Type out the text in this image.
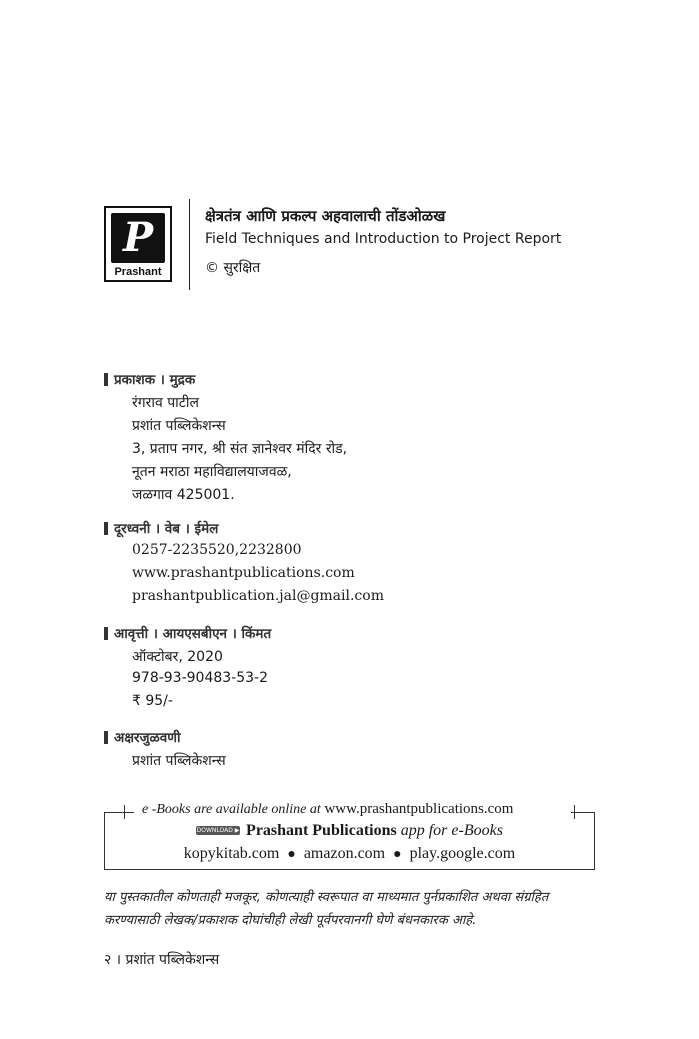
P
Prashant
क्षेत्रतंत्र आणि प्रकल्प अहवालाची तोंडओळख
Field Techniques and Introduction to Project Report
© सुरक्षित
प्रकाशक । मुद्रक
रंगराव पाटील
प्रशांत पब्लिकेशन्स
3, प्रताप नगर, श्री संत ज्ञानेश्वर मंदिर रोड,
नूतन मराठा महाविद्यालयाजवळ,
जळगाव 425001.
दूरध्वनी । वेब । ईमेल
0257-2235520,2232800
www.prashantpublications.com
prashantpublication.jal@gmail.com
आवृत्ती । आयएसबीएन । किंमत
ऑक्टोबर, 2020
978-93-90483-53-2
₹ 95/-
अक्षरजुळवणी
प्रशांत पब्लिकेशन्स
e -Books are available online at www.prashantpublications.com
DOWNLOAD ▶ Prashant Publications app for e-Books
kopykitab.com ● amazon.com ● play.google.com
या पुस्तकातील कोणताही मजकूर, कोणत्याही स्वरूपात वा माध्यमात पुर्नप्रकाशित अथवा संग्रहित करण्यासाठी लेखक/प्रकाशक दोघांचीही लेखी पूर्वपरवानगी घेणे बंधनकारक आहे.
२ । प्रशांत पब्लिकेशन्स
